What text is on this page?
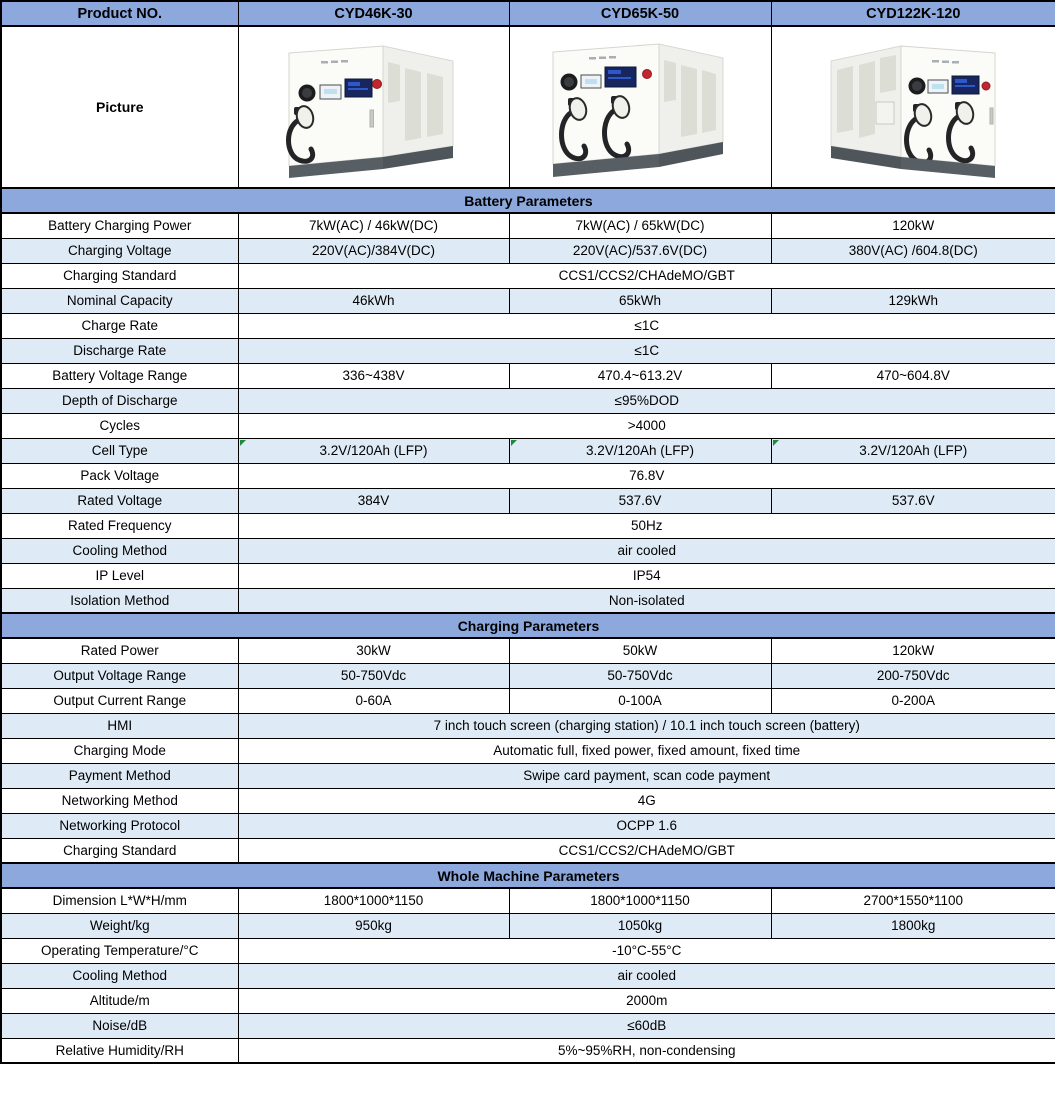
Product NO.	CYD46K-30	CYD65K-50	CYD122K-120
Picture	

Battery Parameters			
Battery Charging Power	7kW(AC) / 46kW(DC)	7kW(AC) / 65kW(DC)	120kW
Charging Voltage	220V(AC)/384V(DC)	220V(AC)/537.6V(DC)	380V(AC) /604.8(DC)
Charging Standard	CCS1/CCS2/CHAdeMO/GBT		
Nominal Capacity	46kWh	65kWh	129kWh
Charge Rate	≤1C		
Discharge Rate	≤1C		
Battery Voltage Range	336~438V	470.4~613.2V	470~604.8V
Depth of Discharge	≤95%DOD		
Cycles	>4000		
Cell Type	3.2V/120Ah (LFP)	3.2V/120Ah (LFP)	3.2V/120Ah (LFP)
Pack Voltage	76.8V		
Rated Voltage	384V	537.6V	537.6V
Rated Frequency	50Hz		
Cooling Method	air cooled		
IP Level	IP54		
Isolation Method	Non-isolated		
Charging Parameters			
Rated Power	30kW	50kW	120kW
Output Voltage Range	50-750Vdc	50-750Vdc	200-750Vdc
Output Current Range	0-60A	0-100A	0-200A
HMI	7 inch touch screen (charging station) / 10.1 inch touch screen (battery)		
Charging Mode	Automatic full, fixed power, fixed amount, fixed time		
Payment Method	Swipe card payment, scan code payment		
Networking Method	4G		
Networking Protocol	OCPP 1.6		
Charging Standard	CCS1/CCS2/CHAdeMO/GBT		
Whole Machine Parameters			
Dimension L*W*H/mm	1800*1000*1150	1800*1000*1150	2700*1550*1100
Weight/kg	950kg	1050kg	1800kg
Operating Temperature/°C	-10°C-55°C		
Cooling Method	air cooled		
Altitude/m	2000m		
Noise/dB	≤60dB		
Relative Humidity/RH	5%~95%RH, non-condensing		
